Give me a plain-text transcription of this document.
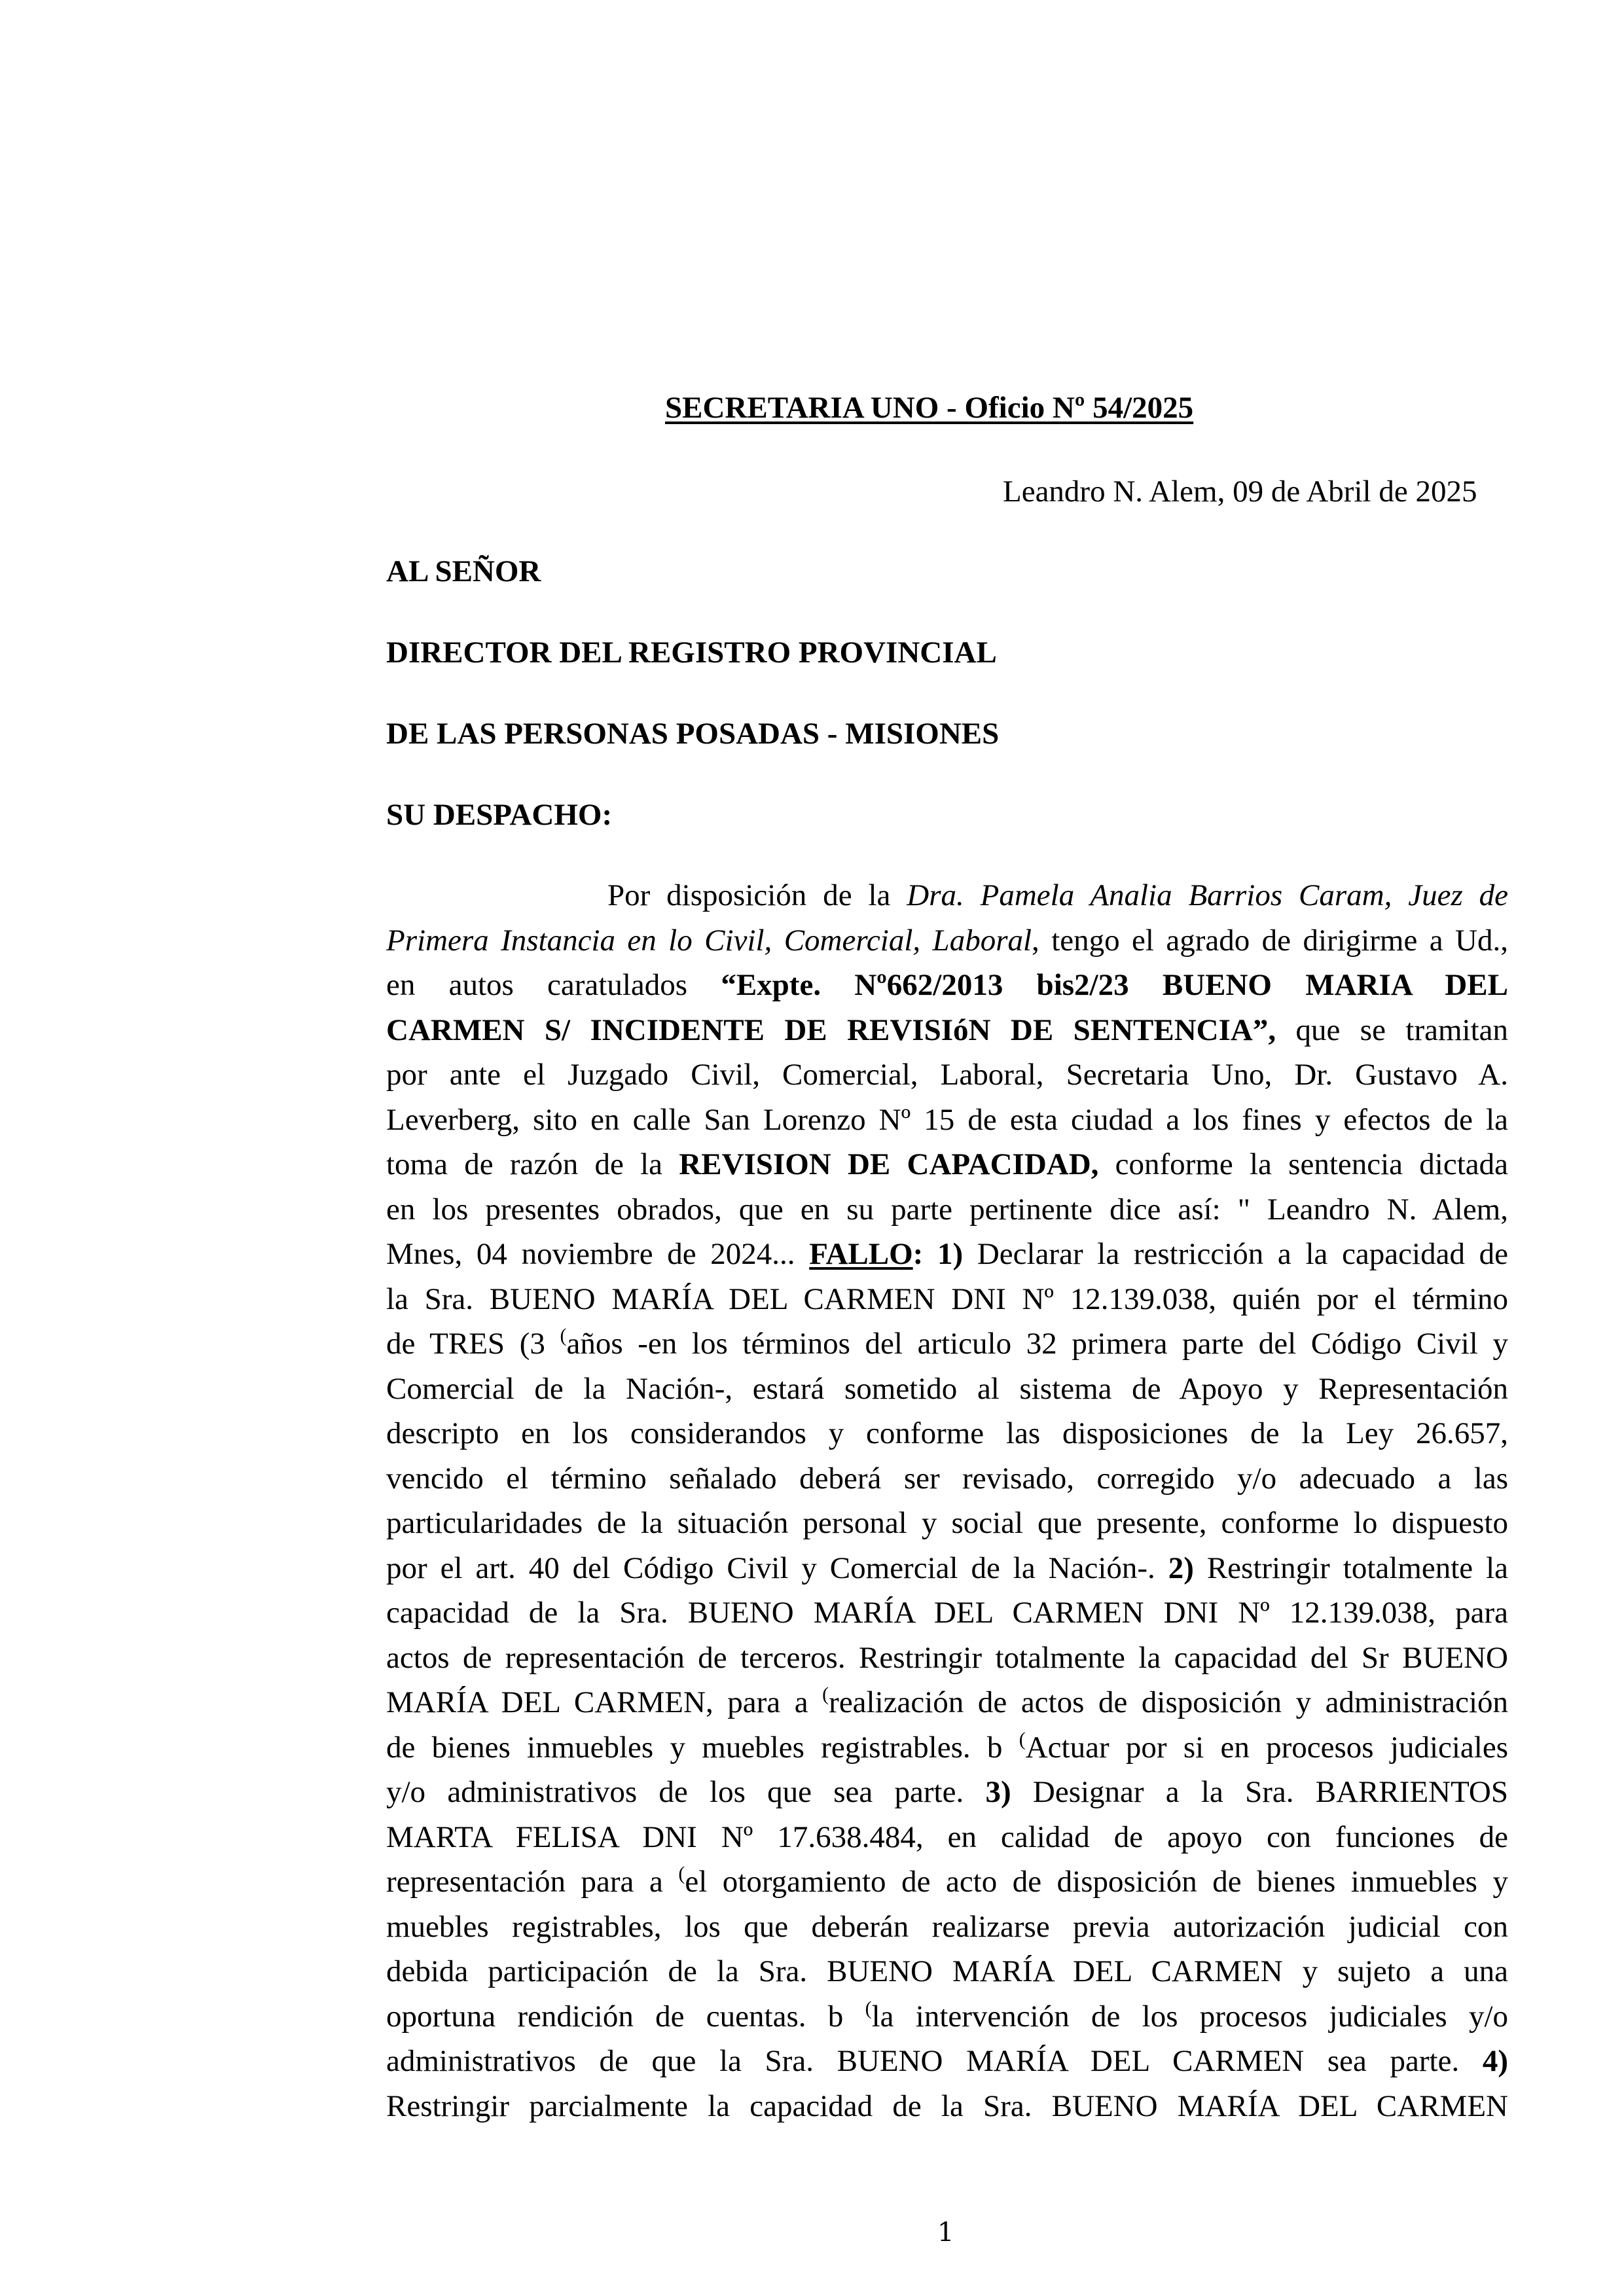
SECRETARIA UNO - Oficio Nº 54/2025
Leandro N. Alem, 09 de Abril de 2025
AL SEÑOR
DIRECTOR DEL REGISTRO PROVINCIAL
DE LAS PERSONAS POSADAS - MISIONES
SU DESPACHO:
Por disposición de la Dra. Pamela Analia Barrios Caram, Juez de
Primera Instancia en lo Civil, Comercial, Laboral, tengo el agrado de dirigirme a Ud.,
en autos caratulados “Expte. Nº662/2013 bis2/23 BUENO MARIA DEL
CARMEN S/ INCIDENTE DE REVISIóN DE SENTENCIA”, que se tramitan
por ante el Juzgado Civil, Comercial, Laboral, Secretaria Uno, Dr. Gustavo A.
Leverberg, sito en calle San Lorenzo Nº 15 de esta ciudad a los fines y efectos de la
toma de razón de la REVISION DE CAPACIDAD, conforme la sentencia dictada
en los presentes obrados, que en su parte pertinente dice así: " Leandro N. Alem,
Mnes, 04 noviembre de 2024... FALLO: 1) Declarar la restricción a la capacidad de
la Sra. BUENO MARÍA DEL CARMEN DNI Nº 12.139.038, quién por el término
de TRES (3 (años -en los términos del articulo 32 primera parte del Código Civil y
Comercial de la Nación-, estará sometido al sistema de Apoyo y Representación
descripto en los considerandos y conforme las disposiciones de la Ley 26.657,
vencido el término señalado deberá ser revisado, corregido y/o adecuado a las
particularidades de la situación personal y social que presente, conforme lo dispuesto
por el art. 40 del Código Civil y Comercial de la Nación-. 2) Restringir totalmente la
capacidad de la Sra. BUENO MARÍA DEL CARMEN DNI Nº 12.139.038, para
actos de representación de terceros. Restringir totalmente la capacidad del Sr BUENO
MARÍA DEL CARMEN, para a (realización de actos de disposición y administración
de bienes inmuebles y muebles registrables. b (Actuar por si en procesos judiciales
y/o administrativos de los que sea parte. 3) Designar a la Sra. BARRIENTOS
MARTA FELISA DNI Nº 17.638.484, en calidad de apoyo con funciones de
representación para a (el otorgamiento de acto de disposición de bienes inmuebles y
muebles registrables, los que deberán realizarse previa autorización judicial con
debida participación de la Sra. BUENO MARÍA DEL CARMEN y sujeto a una
oportuna rendición de cuentas. b (la intervención de los procesos judiciales y/o
administrativos de que la Sra. BUENO MARÍA DEL CARMEN sea parte. 4)
Restringir parcialmente la capacidad de la Sra. BUENO MARÍA DEL CARMEN
1
